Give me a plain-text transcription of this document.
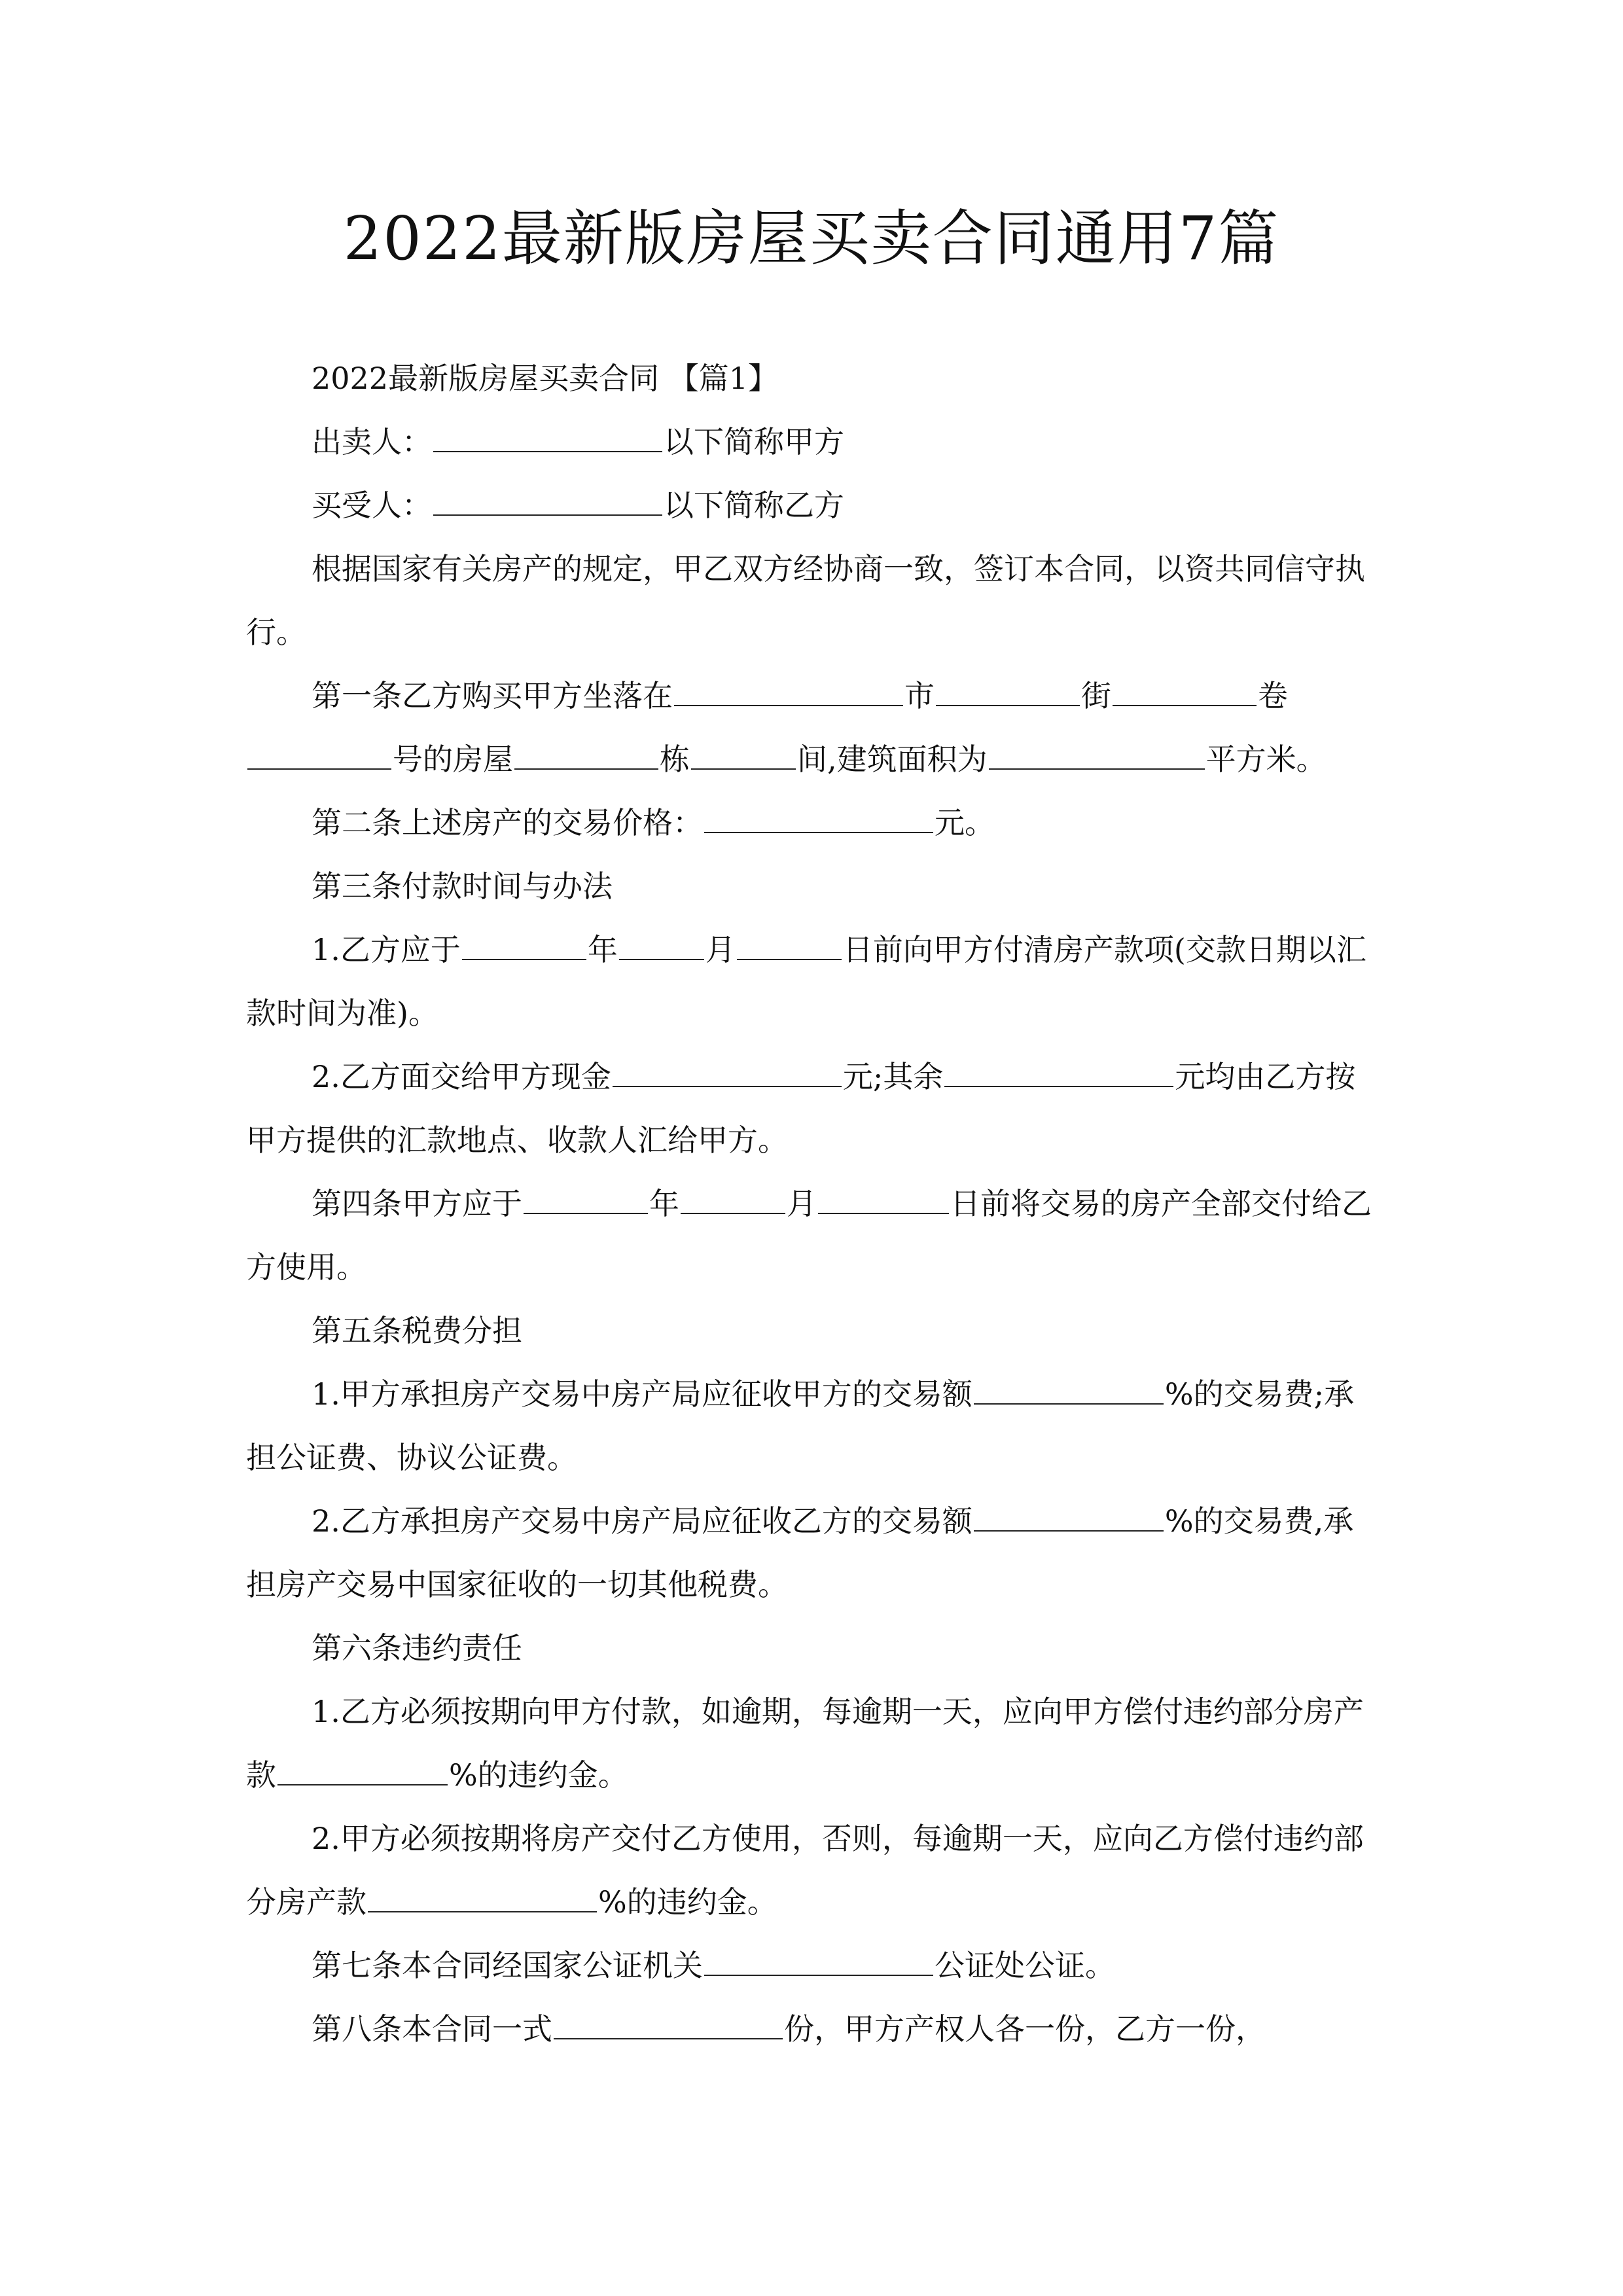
2022最新版房屋买卖合同通用7篇

2022最新版房屋买卖合同 【篇1】

出卖人：	以下简称甲方

买受人：	以下简称乙方

根据国家有关房产的规定，甲乙双方经协商一致，签订本合同，以资共同信守执行。

第一条乙方购买甲方坐落在	市	街	卷

号的房屋	栋	间,建筑面积为	平方米。

第二条上述房产的交易价格：	元。

第三条付款时间与办法

1.乙方应于	年	月	日前向甲方付清房产款项(交款日期以汇款时间为准)。

2.乙方面交给甲方现金	元;其余	元均由乙方按甲方提供的汇款地点、收款人汇给甲方。

第四条甲方应于	年	月	日前将交易的房产全部交付给乙方使用。

第五条税费分担

1.甲方承担房产交易中房产局应征收甲方的交易额	%的交易费;承担公证费、协议公证费。

2.乙方承担房产交易中房产局应征收乙方的交易额	%的交易费,承担房产交易中国家征收的一切其他税费。

第六条违约责任

1.乙方必须按期向甲方付款，如逾期，每逾期一天，应向甲方偿付违约部分房产款	%的违约金。

2.甲方必须按期将房产交付乙方使用，否则，每逾期一天，应向乙方偿付违约部分房产款	%的违约金。

第七条本合同经国家公证机关	公证处公证。

第八条本合同一式	份，甲方产权人各一份，乙方一份，
